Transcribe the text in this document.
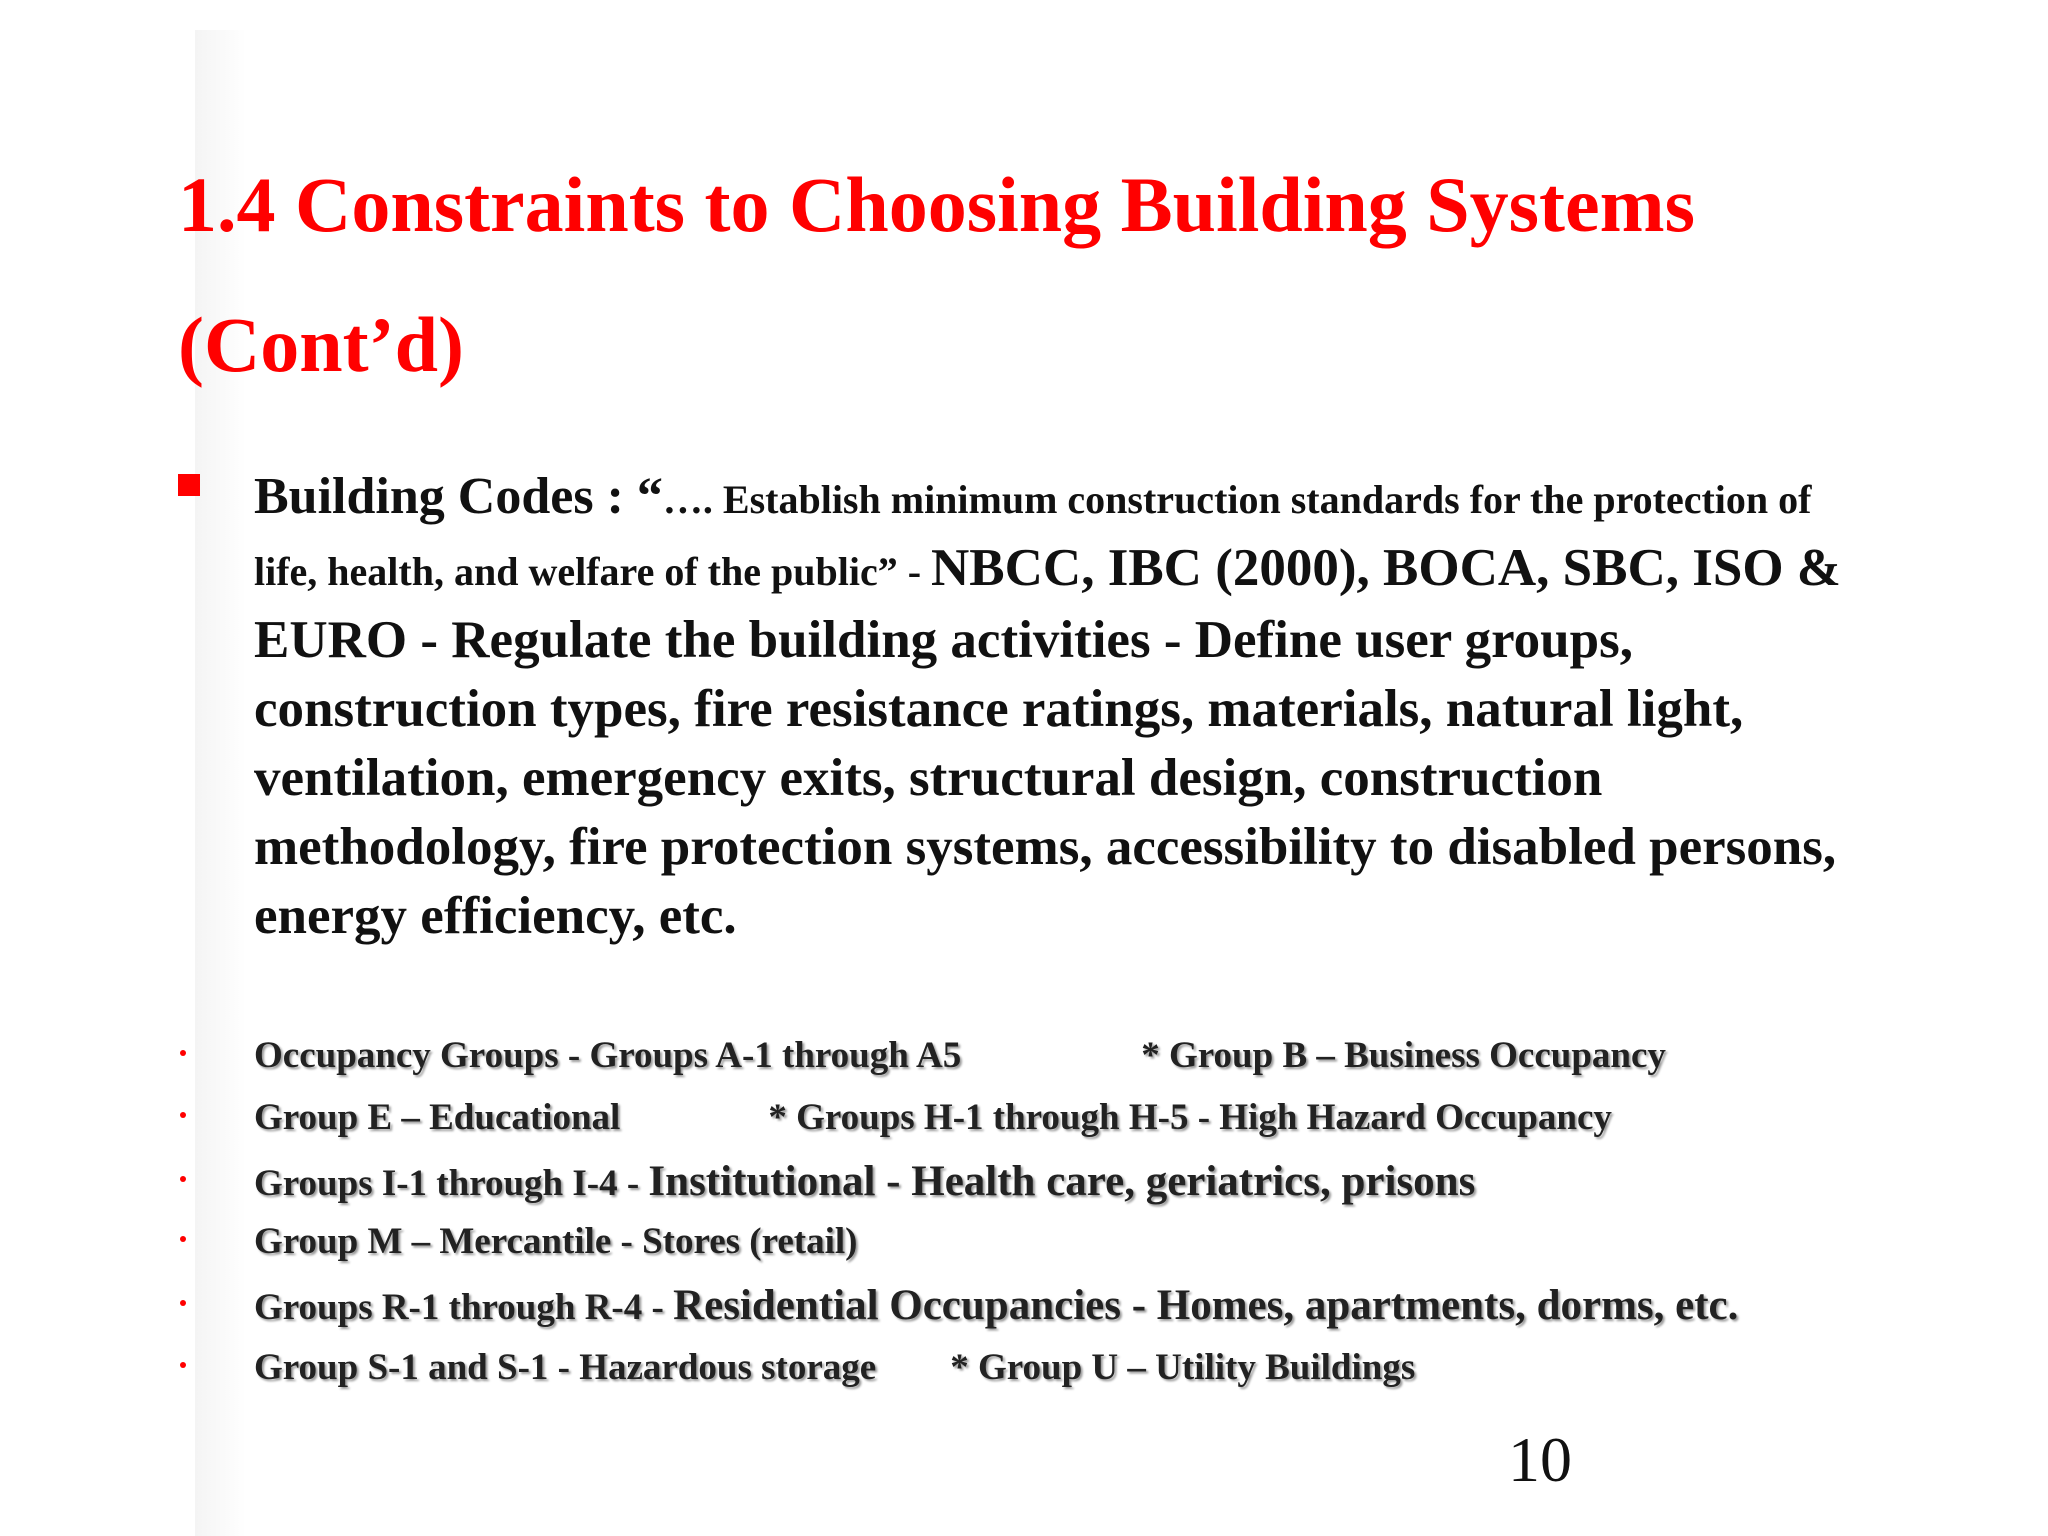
1.4 Constraints to Choosing Building Systems
(Cont’d)

Building Codes : “…. Establish minimum construction standards for the protection of life, health, and welfare of the public” - NBCC, IBC (2000), BOCA, SBC, ISO & EURO - Regulate the building activities - Define user groups, construction types, fire resistance ratings, materials, natural light, ventilation, emergency exits, structural design, construction methodology, fire protection systems, accessibility to disabled persons, energy efficiency, etc.

Occupancy Groups - Groups A-1 through A5	* Group B – Business Occupancy
Group E – Educational	* Groups H-1 through H-5 - High Hazard Occupancy
Groups I-1 through I-4 - Institutional - Health care, geriatrics, prisons
Group M – Mercantile - Stores (retail)
Groups R-1 through R-4 - Residential Occupancies - Homes, apartments, dorms, etc.
Group S-1 and S-1 - Hazardous storage * Group U – Utility Buildings
10
